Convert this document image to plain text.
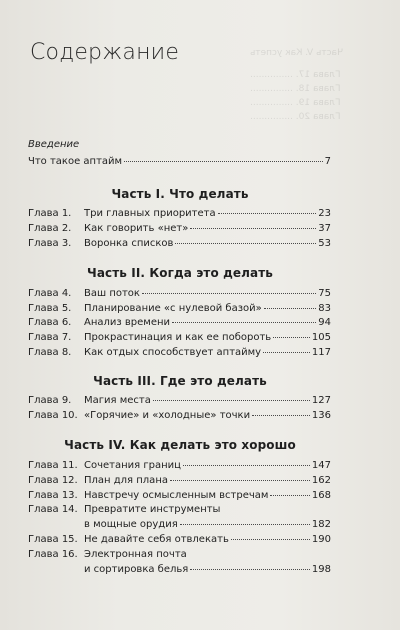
Часть V. Как успеть
Глава 17. ...............
Глава 18. ...............
Глава 19. ...............
Глава 20. ...............
Содержание
Введение
Что такое аптайм	7
Часть I. Что делать
Глава 1.	Три главных приоритета	23
Глава 2.	Как говорить «нет»	37
Глава 3.	Воронка списков	53
Часть II. Когда это делать
Глава 4.	Ваш поток	75
Глава 5.	Планирование «с нулевой базой»	83
Глава 6.	Анализ времени	94
Глава 7.	Прокрастинация и как ее побороть	105
Глава 8.	Как отдых способствует аптайму	117
Часть III. Где это делать
Глава 9.	Магия места	127
Глава 10. «Горячие» и «холодные» точки	136
Часть IV. Как делать это хорошо
Глава 11. Сочетания границ	147
Глава 12. План для плана	162
Глава 13. Навстречу осмысленным встречам	168
Глава 14. Превратите инструменты
в мощные орудия	182
Глава 15. Не давайте себя отвлекать	190
Глава 16. Электронная почта
и сортировка белья	198
